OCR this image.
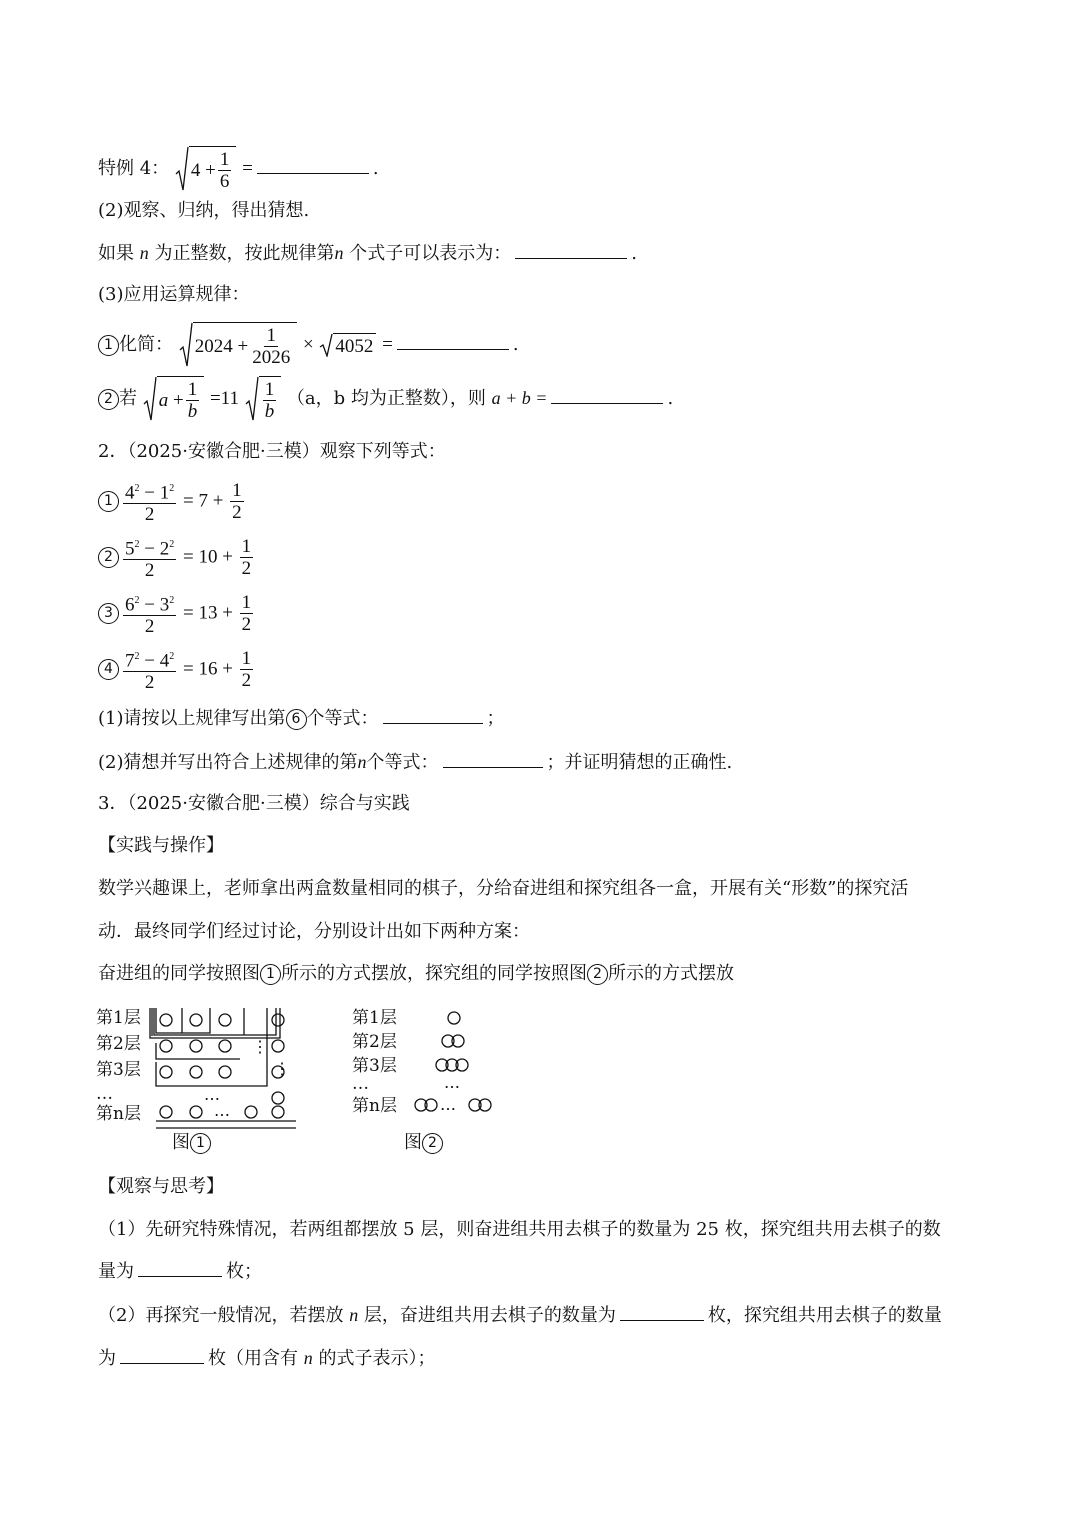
特例 4： $4 + \frac{1}{6}$ =	.
(2)观察、归纳，得出猜想.
如果 n 为正整数，按此规律第n 个式子可以表示为：	.
(3)应用运算规律：
1 化简： $2024 + \frac{1}{2026} \times 4052$ =	.
2 若 $a + \frac{1}{b} =11 \frac{1}{b} (a$，b 均为正整数），则 a + b =	.
2．（2025·安徽合肥·三模）观察下列等式：
$1 \frac{4^2 - 1^2}{2} = 7 + \frac{1}{2}$
$2 \frac{5^2 - 2^2}{2} = 10 + \frac{1}{2}$
$3 \frac{6^2 - 3^2}{2} = 13 + \frac{1}{2}$
$4 \frac{7^2 - 4^2}{2} = 16 + \frac{1}{2}$
(1)请按以上规律写出第 6 个等式：	；
(2)猜想并写出符合上述规律的第n个等式：	；并证明猜想的正确性.
3．（2025·安徽合肥·三模）综合与实践
【实践与操作】
数学兴趣课上，老师拿出两盒数量相同的棋子，分给奋进组和探究组各一盒，开展有关“形数”的探究活
动．最终同学们经过讨论，分别设计出如下两种方案：
奋进组的同学按照图 1 所示的方式摆放，探究组的同学按照图 2 所示的方式摆放
第1层
第2层
第3层
…
第n层
…
…
⋮
⋮
图 1
第1层
第2层
第3层
…
第n层
…
…
图 2
【观察与思考】
（1）先研究特殊情况，若两组都摆放 5 层，则奋进组共用去棋子的数量为 25 枚，探究组共用去棋子的数
量为	枚；
（2）再探究一般情况，若摆放 n 层，奋进组共用去棋子的数量为	枚，探究组共用去棋子的数量
为	枚（用含有 n 的式子表示）；
